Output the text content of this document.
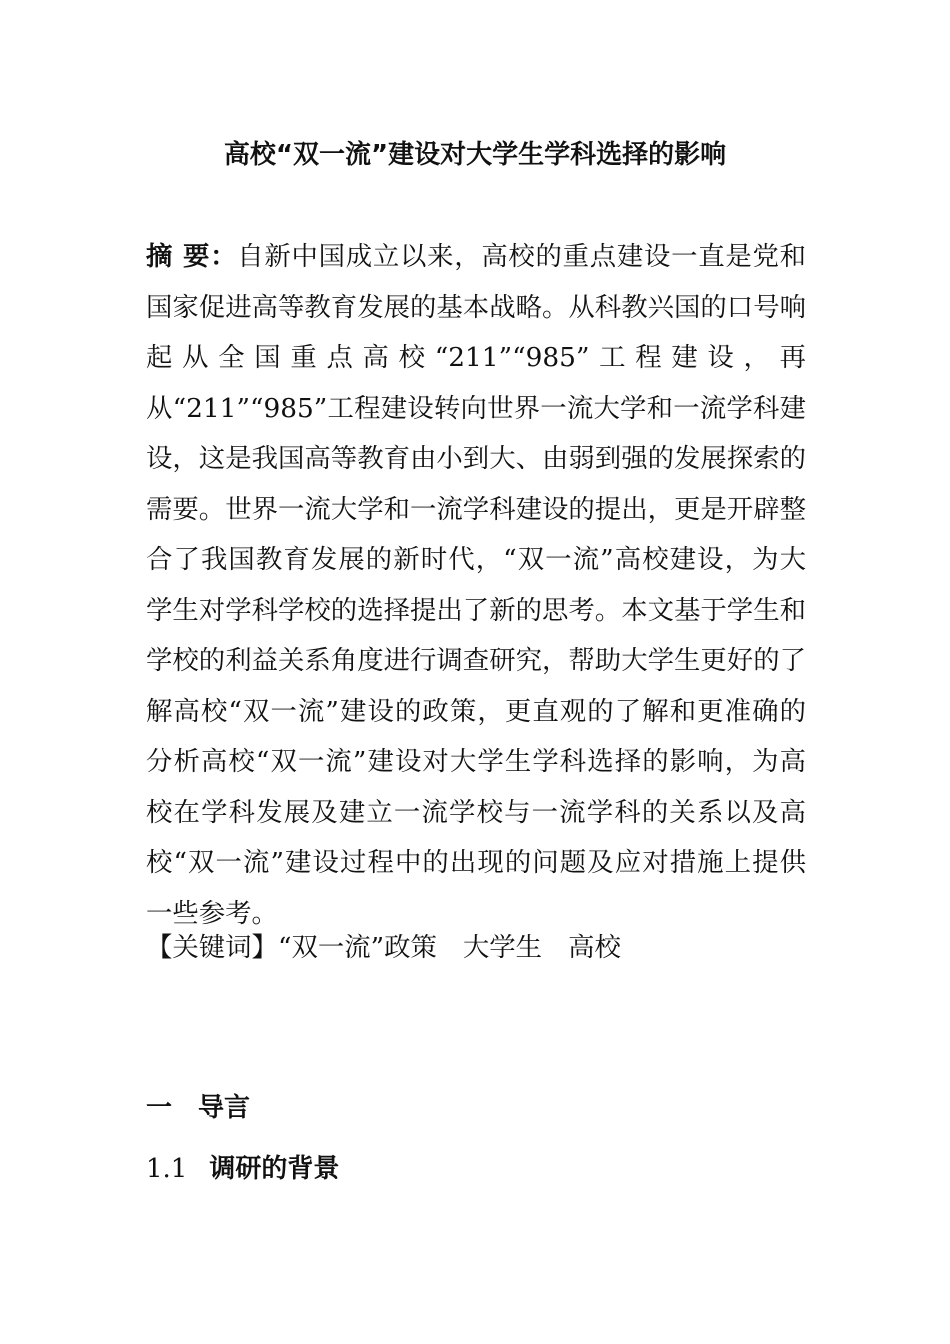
高校“双一流”建设对大学生学科选择的影响

摘 要：自新中国成立以来，高校的重点建设一直是党和国家促进高等教育发展的基本战略。从科教兴国的口号响起从全国重点高校“211”“985”工程建设，再从“211”“985”工程建设转向世界一流大学和一流学科建设，这是我国高等教育由小到大、由弱到强的发展探索的需要。世界一流大学和一流学科建设的提出，更是开辟整合了我国教育发展的新时代，“双一流”高校建设，为大学生对学科学校的选择提出了新的思考。本文基于学生和学校的利益关系角度进行调查研究，帮助大学生更好的了解高校“双一流”建设的政策，更直观的了解和更准确的分析高校“双一流”建设对大学生学科选择的影响，为高校在学科发展及建立一流学校与一流学科的关系以及高校“双一流”建设过程中的出现的问题及应对措施上提供一些参考。

【关键词】“双一流”政策 大学生 高校

一 导言
1.1 调研的背景
